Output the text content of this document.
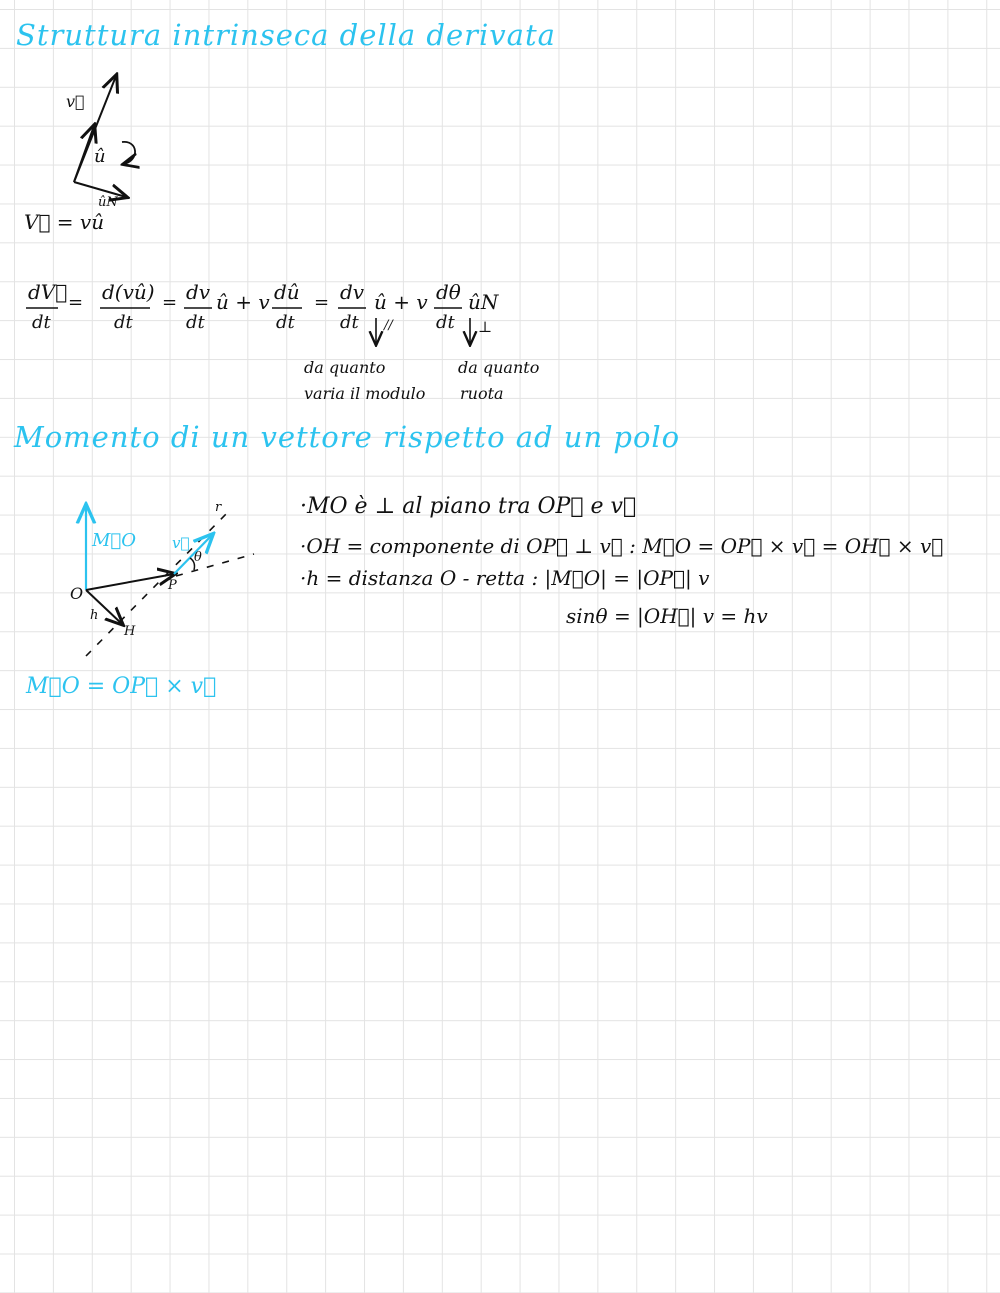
Struttura intrinseca della derivata
v⃗
û
ûN
V⃗ = vû
dV⃗
dt
= d(vû)
dt
= dv
dt
û + v dû
dt
= dv
dt
û + v dθ
dt
ûN
//	⊥
da quanto
varia il modulo
da quanto
ruota
Momento di un vettore rispetto ad un polo
M⃗O v⃗
θ
r
O	P
h
H
M⃗O = OP⃗ × v⃗
·MO è ⊥ al piano tra OP⃗ e v⃗
·OH = componente di OP⃗ ⊥ v⃗ : M⃗O = OP⃗ × v⃗ = OH⃗ × v⃗
·h = distanza O - retta : |M⃗O| = |OP⃗| v
sinθ = |OH⃗| v = hv
